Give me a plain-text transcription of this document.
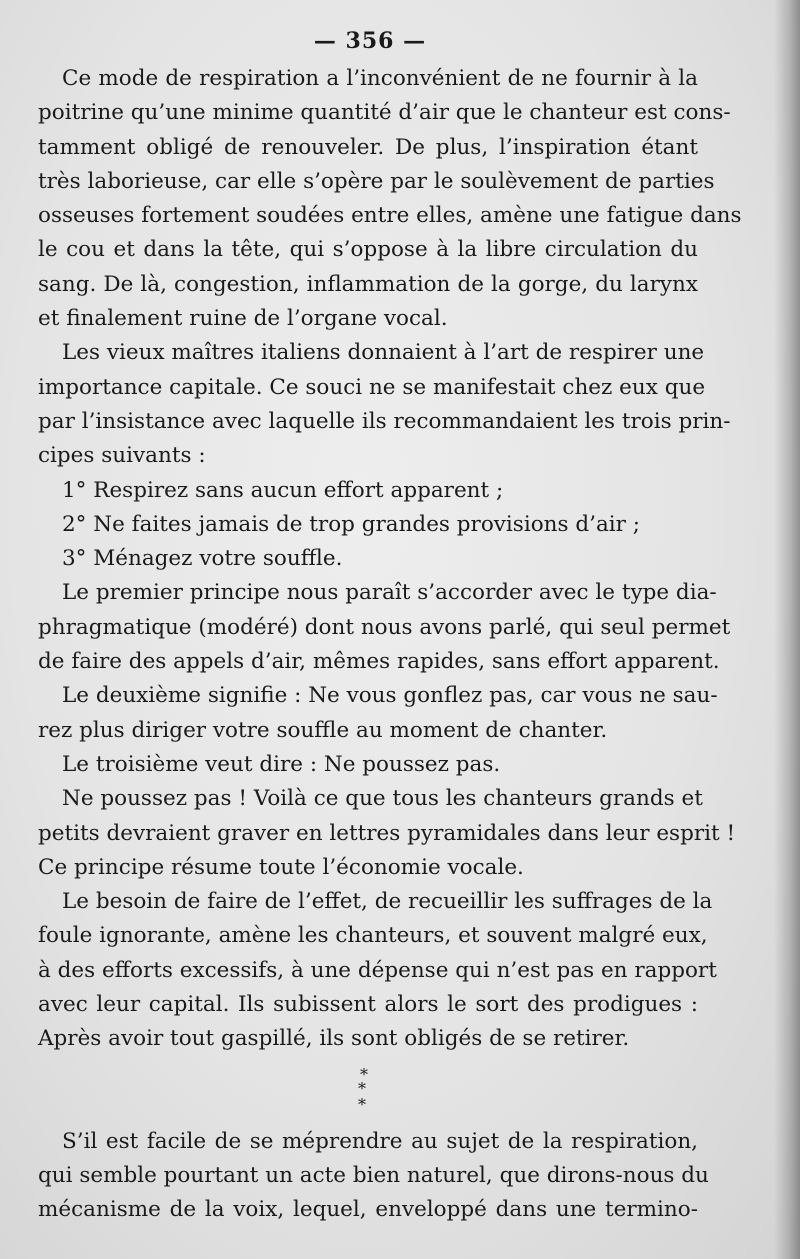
— 356 —
Ce mode de respiration a l’inconvénient de ne fournir à la
poitrine qu’une minime quantité d’air que le chanteur est cons-
tamment obligé de renouveler. De plus, l’inspiration étant
très laborieuse, car elle s’opère par le soulèvement de parties
osseuses fortement soudées entre elles, amène une fatigue dans
le cou et dans la tête, qui s’oppose à la libre circulation du
sang. De là, congestion, inflammation de la gorge, du larynx
et finalement ruine de l’organe vocal.
Les vieux maîtres italiens donnaient à l’art de respirer une
importance capitale. Ce souci ne se manifestait chez eux que
par l’insistance avec laquelle ils recommandaient les trois prin-
cipes suivants :
1° Respirez sans aucun effort apparent ;
2° Ne faites jamais de trop grandes provisions d’air ;
3° Ménagez votre souffle.
Le premier principe nous paraît s’accorder avec le type dia-
phragmatique (modéré) dont nous avons parlé, qui seul permet
de faire des appels d’air, mêmes rapides, sans effort apparent.
Le deuxième signifie : Ne vous gonflez pas, car vous ne sau-
rez plus diriger votre souffle au moment de chanter.
Le troisième veut dire : Ne poussez pas.
Ne poussez pas ! Voilà ce que tous les chanteurs grands et
petits devraient graver en lettres pyramidales dans leur esprit !
Ce principe résume toute l’économie vocale.
Le besoin de faire de l’effet, de recueillir les suffrages de la
foule ignorante, amène les chanteurs, et souvent malgré eux,
à des efforts excessifs, à une dépense qui n’est pas en rapport
avec leur capital. Ils subissent alors le sort des prodigues :
Après avoir tout gaspillé, ils sont obligés de se retirer.
*
* *
S’il est facile de se méprendre au sujet de la respiration,
qui semble pourtant un acte bien naturel, que dirons-nous du
mécanisme de la voix, lequel, enveloppé dans une termino-
